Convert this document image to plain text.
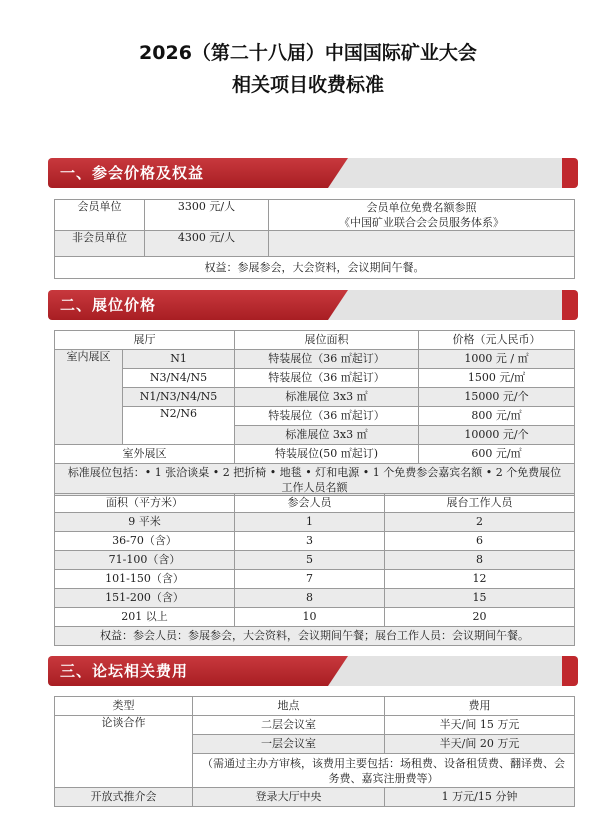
2026（第二十八届）中国国际矿业大会
相关项目收费标准
一、参会价格及权益
会员单位	3300 元/人	会员单位免费名额参照
《中国矿业联合会会员服务体系》

非会员单位	4300 元/人	
权益：参展参会，大会资料，会议期间午餐。		
二、展位价格
展厅		展位面积	价格（元人民币）
室内展区	N1	特装展位（36 ㎡起订）	1000 元 / ㎡
	N3/N4/N5	特装展位（36 ㎡起订）	1500 元/㎡
	N1/N3/N4/N5	标准展位 3x3 ㎡	15000 元/个
	N2/N6	特装展位（36 ㎡起订）	800 元/㎡
		标准展位 3x3 ㎡	10000 元/个
室外展区		特装展位(50 ㎡起订)	600 元/㎡
标准展位包括：• 1 张洽谈桌 • 2 把折椅 • 地毯 • 灯和电源 • 1 个免费参会嘉宾名额 • 2 个免费展位工作人员名额			
面积（平方米）	参会人员	展台工作人员
9 平米	1	2
36-70（含）	3	6
71-100（含）	5	8
101-150（含）	7	12
151-200（含）	8	15
201 以上	10	20
权益：参会人员：参展参会，大会资料，会议期间午餐；展台工作人员：会议期间午餐。		
三、论坛相关费用
类型	地点	费用
论谈合作	二层会议室	半天/间 15 万元
	一层会议室	半天/间 20 万元
	（需通过主办方审核，该费用主要包括：场租费、设备租赁费、翻译费、会务费、嘉宾注册费等）	
开放式推介会	登录大厅中央	1 万元/15 分钟
